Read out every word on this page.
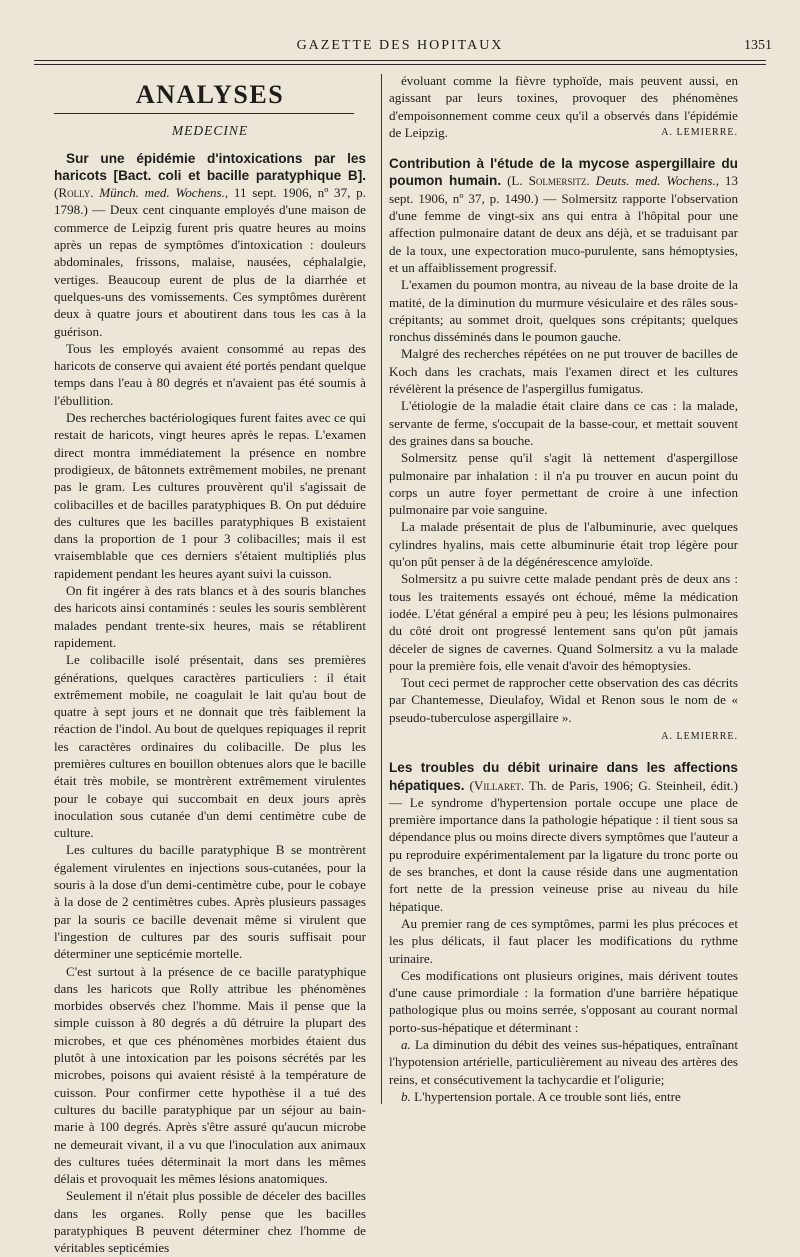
GAZETTE DES HOPITAUX	1351
ANALYSES
MEDECINE

Sur une épidémie d'intoxications par les haricots [Bact. coli et bacille paratyphique B]. (Rolly. Münch. med. Wochens., 11 sept. 1906, nº 37, p. 1798.) — Deux cent cinquante employés d'une maison de commerce de Leipzig furent pris quatre heures au moins après un repas de symptômes d'intoxication : douleurs abdominales, frissons, malaise, nausées, céphalalgie, vertiges. Beaucoup eurent de plus de la diarrhée et quelques-uns des vomissements. Ces symptômes durèrent deux à quatre jours et aboutirent dans tous les cas à la guérison.

Tous les employés avaient consommé au repas des haricots de conserve qui avaient été portés pendant quelque temps dans l'eau à 80 degrés et n'avaient pas été soumis à l'ébullition.

Des recherches bactériologiques furent faites avec ce qui restait de haricots, vingt heures après le repas. L'examen direct montra immédiatement la présence en nombre prodigieux, de bâtonnets extrêmement mobiles, ne prenant pas le gram. Les cultures prouvèrent qu'il s'agissait de colibacilles et de bacilles paratyphiques B. On put déduire des cultures que les bacilles paratyphiques B existaient dans la proportion de 1 pour 3 colibacilles; mais il est vraisemblable que ces derniers s'étaient multipliés plus rapidement pendant les heures ayant suivi la cuisson.

On fit ingérer à des rats blancs et à des souris blanches des haricots ainsi contaminés : seules les souris semblèrent malades pendant trente-six heures, mais se rétablirent rapidement.

Le colibacille isolé présentait, dans ses premières générations, quelques caractères particuliers : il était extrêmement mobile, ne coagulait le lait qu'au bout de quatre à sept jours et ne donnait que très faiblement la réaction de l'indol. Au bout de quelques repiquages il reprit les caractères ordinaires du colibacille. De plus les premières cultures en bouillon obtenues alors que le bacille était très mobile, se montrèrent extrêmement virulentes pour le cobaye qui succombait en deux jours après inoculation sous cutanée d'un demi centimètre cube de culture.

Les cultures du bacille paratyphique B se montrèrent également virulentes en injections sous-cutanées, pour la souris à la dose d'un demi-centimètre cube, pour le cobaye à la dose de 2 centimètres cubes. Après plusieurs passages par la souris ce bacille devenait même si virulent que l'ingestion de cultures par des souris suffisait pour déterminer une septicémie mortelle.

C'est surtout à la présence de ce bacille paratyphique dans les haricots que Rolly attribue les phénomènes morbides observés chez l'homme. Mais il pense que la simple cuisson à 80 degrés a dû détruire la plupart des microbes, et que ces phénomènes morbides étaient dus plutôt à une intoxication par les poisons sécrétés par les microbes, poisons qui avaient résisté à la température de cuisson. Pour confirmer cette hypothèse il a tué des cultures du bacille paratyphique par un séjour au bain-marie à 100 degrés. Après s'être assuré qu'aucun microbe ne demeurait vivant, il a vu que l'inoculation aux animaux des cultures tuées déterminait la mort dans les mêmes délais et provoquait les mêmes lésions anatomiques.

Seulement il n'était plus possible de déceler des bacilles dans les organes. Rolly pense que les bacilles paratyphiques B peuvent déterminer chez l'homme de véritables septicémies

évoluant comme la fièvre typhoïde, mais peuvent aussi, en agissant par leurs toxines, provoquer des phénomènes d'empoisonnement comme ceux qu'il a observés dans l'épidémie de Leipzig.	A. LEMIERRE.

Contribution à l'étude de la mycose aspergillaire du poumon humain. (L. Solmersitz. Deuts. med. Wochens., 13 sept. 1906, nº 37, p. 1490.) — Solmersitz rapporte l'observation d'une femme de vingt-six ans qui entra à l'hôpital pour une affection pulmonaire datant de deux ans déjà, et se traduisant par de la toux, une expectoration muco-purulente, sans hémoptysies, et un affaiblissement progressif.

L'examen du poumon montra, au niveau de la base droite de la matité, de la diminution du murmure vésiculaire et des râles sous-crépitants; au sommet droit, quelques sons crépitants; quelques ronchus disséminés dans le poumon gauche.

Malgré des recherches répétées on ne put trouver de bacilles de Koch dans les crachats, mais l'examen direct et les cultures révélèrent la présence de l'aspergillus fumigatus.

L'étiologie de la maladie était claire dans ce cas : la malade, servante de ferme, s'occupait de la basse-cour, et mettait souvent des graines dans sa bouche.

Solmersitz pense qu'il s'agit là nettement d'aspergillose pulmonaire par inhalation : il n'a pu trouver en aucun point du corps un autre foyer permettant de croire à une infection pulmonaire par voie sanguine.

La malade présentait de plus de l'albuminurie, avec quelques cylindres hyalins, mais cette albuminurie était trop légère pour qu'on pût penser à de la dégénérescence amyloïde.

Solmersitz a pu suivre cette malade pendant près de deux ans : tous les traitements essayés ont échoué, même la médication iodée. L'état général a empiré peu à peu; les lésions pulmonaires du côté droit ont progressé lentement sans qu'on pût jamais déceler de signes de cavernes. Quand Solmersitz a vu la malade pour la première fois, elle venait d'avoir des hémoptysies.

Tout ceci permet de rapprocher cette observation des cas décrits par Chantemesse, Dieulafoy, Widal et Renon sous le nom de « pseudo-tuberculose aspergillaire ».

A. LEMIERRE.

Les troubles du débit urinaire dans les affections hépatiques. (Villaret. Th. de Paris, 1906; G. Steinheil, édit.) — Le syndrome d'hypertension portale occupe une place de première importance dans la pathologie hépatique : il tient sous sa dépendance plus ou moins directe divers symptômes que l'auteur a pu reproduire expérimentalement par la ligature du tronc porte ou de ses branches, et dont la cause réside dans une augmentation fort nette de la pression veineuse prise au niveau du hile hépatique.

Au premier rang de ces symptômes, parmi les plus précoces et les plus délicats, il faut placer les modifications du rythme urinaire.

Ces modifications ont plusieurs origines, mais dérivent toutes d'une cause primordiale : la formation d'une barrière hépatique pathologique plus ou moins serrée, s'opposant au courant normal porto-sus-hépatique et déterminant :

a. La diminution du débit des veines sus-hépatiques, entraînant l'hypotension artérielle, particulièrement au niveau des artères des reins, et consécutivement la tachycardie et l'oligurie;

b. L'hypertension portale. A ce trouble sont liés, entre
